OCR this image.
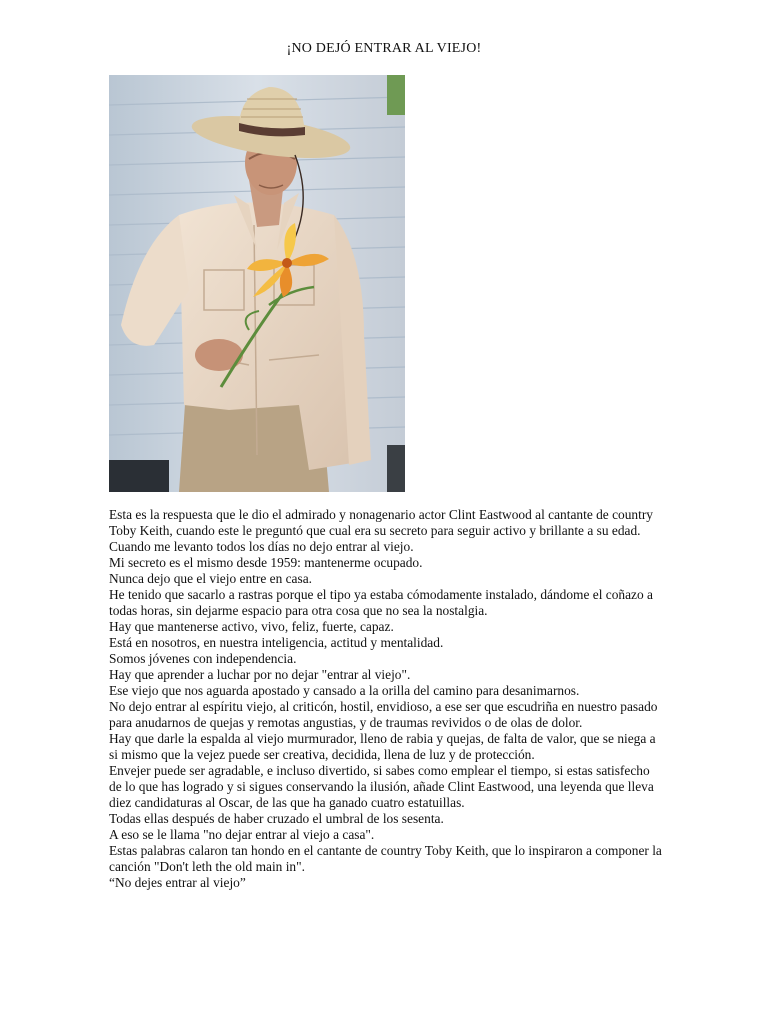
¡NO DEJÓ ENTRAR AL VIEJO!

Esta es la respuesta que le dio el admirado y nonagenario actor Clint Eastwood al cantante de country Toby Keith, cuando este le preguntó que cual era su secreto para seguir activo y brillante a su edad.

Cuando me levanto todos los días no dejo entrar al viejo.

Mi secreto es el mismo desde 1959: mantenerme ocupado.

Nunca dejo que el viejo entre en casa.

He tenido que sacarlo a rastras porque el tipo ya estaba cómodamente instalado, dándome el coñazo a todas horas, sin dejarme espacio para otra cosa que no sea la nostalgia.

Hay que mantenerse activo, vivo, feliz, fuerte, capaz.

Está en nosotros, en nuestra inteligencia, actitud y mentalidad.

Somos jóvenes con independencia.

Hay que aprender a luchar por no dejar "entrar al viejo".

Ese viejo que nos aguarda apostado y cansado a la orilla del camino para desanimarnos.

No dejo entrar al espíritu viejo, al criticón, hostil, envidioso, a ese ser que escudriña en nuestro pasado para anudarnos de quejas y remotas angustias, y de traumas revividos o de olas de dolor.

Hay que darle la espalda al viejo murmurador, lleno de rabia y quejas, de falta de valor, que se niega a si mismo que la vejez puede ser creativa, decidida, llena de luz y de protección.

Envejer puede ser agradable, e incluso divertido, si sabes como emplear el tiempo, si estas satisfecho de lo que has logrado y si sigues conservando la ilusión, añade Clint Eastwood, una leyenda que lleva diez candidaturas al Oscar, de las que ha ganado cuatro estatuillas.

Todas ellas después de haber cruzado el umbral de los sesenta.

A eso se le llama "no dejar entrar al viejo a casa".

Estas palabras calaron tan hondo en el cantante de country Toby Keith, que lo inspiraron a componer la canción "Don't leth the old main in".

“No dejes entrar al viejo”
